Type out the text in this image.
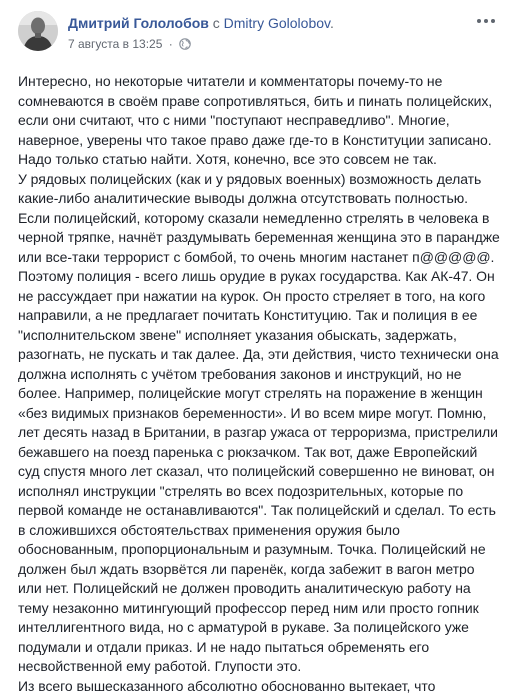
Дмитрий Гололобов с Dmitry Gololobov.
7 августа в 13:25 ·

Интересно, но некоторые читатели и комментаторы почему-то не сомневаются в своём праве сопротивляться, бить и пинать полицейских, если они считают, что с ними "поступают несправедливо". Многие, наверное, уверены что такое право даже где-то в Конституции записано. Надо только статью найти. Хотя, конечно, все это совсем не так.

У рядовых полицейских (как и у рядовых военных) возможность делать какие-либо аналитические выводы должна отсутствовать полностью. Если полицейский, которому сказали немедленно стрелять в человека в черной тряпке, начнёт раздумывать беременная женщина это в парандже или все-таки террорист с бомбой, то очень многим настанет п@@@@@. Поэтому полиция - всего лишь орудие в руках государства. Как АК-47. Он не рассуждает при нажатии на курок. Он просто стреляет в того, на кого направили, а не предлагает почитать Конституцию. Так и полиция в ее "исполнительском звене" исполняет указания обыскать, задержать, разогнать, не пускать и так далее. Да, эти действия, чисто технически она должна исполнять с учётом требования законов и инструкций, но не более. Например, полицейские могут стрелять на поражение в женщин «без видимых признаков беременности». И во всем мире могут. Помню, лет десять назад в Британии, в разгар ужаса от терроризма, пристрелили бежавшего на поезд паренька с рюкзачком. Так вот, даже Европейский суд спустя много лет сказал, что полицейский совершенно не виноват, он исполнял инструкции "стрелять во всех подозрительных, которые по первой команде не останавливаются". Так полицейский и сделал. То есть в сложившихся обстоятельствах применения оружия было обоснованным, пропорциональным и разумным. Точка. Полицейский не должен был ждать взорвётся ли паренёк, когда забежит в вагон метро или нет. Полицейский не должен проводить аналитическую работу на тему незаконно митингующий профессор перед ним или просто гопник интеллигентного вида, но с арматурой в рукаве. За полицейского уже подумали и отдали приказ. И не надо пытаться обременять его несвойственной ему работой. Глупости это.

Из всего вышесказанного абсолютно обоснованно вытекает, что
